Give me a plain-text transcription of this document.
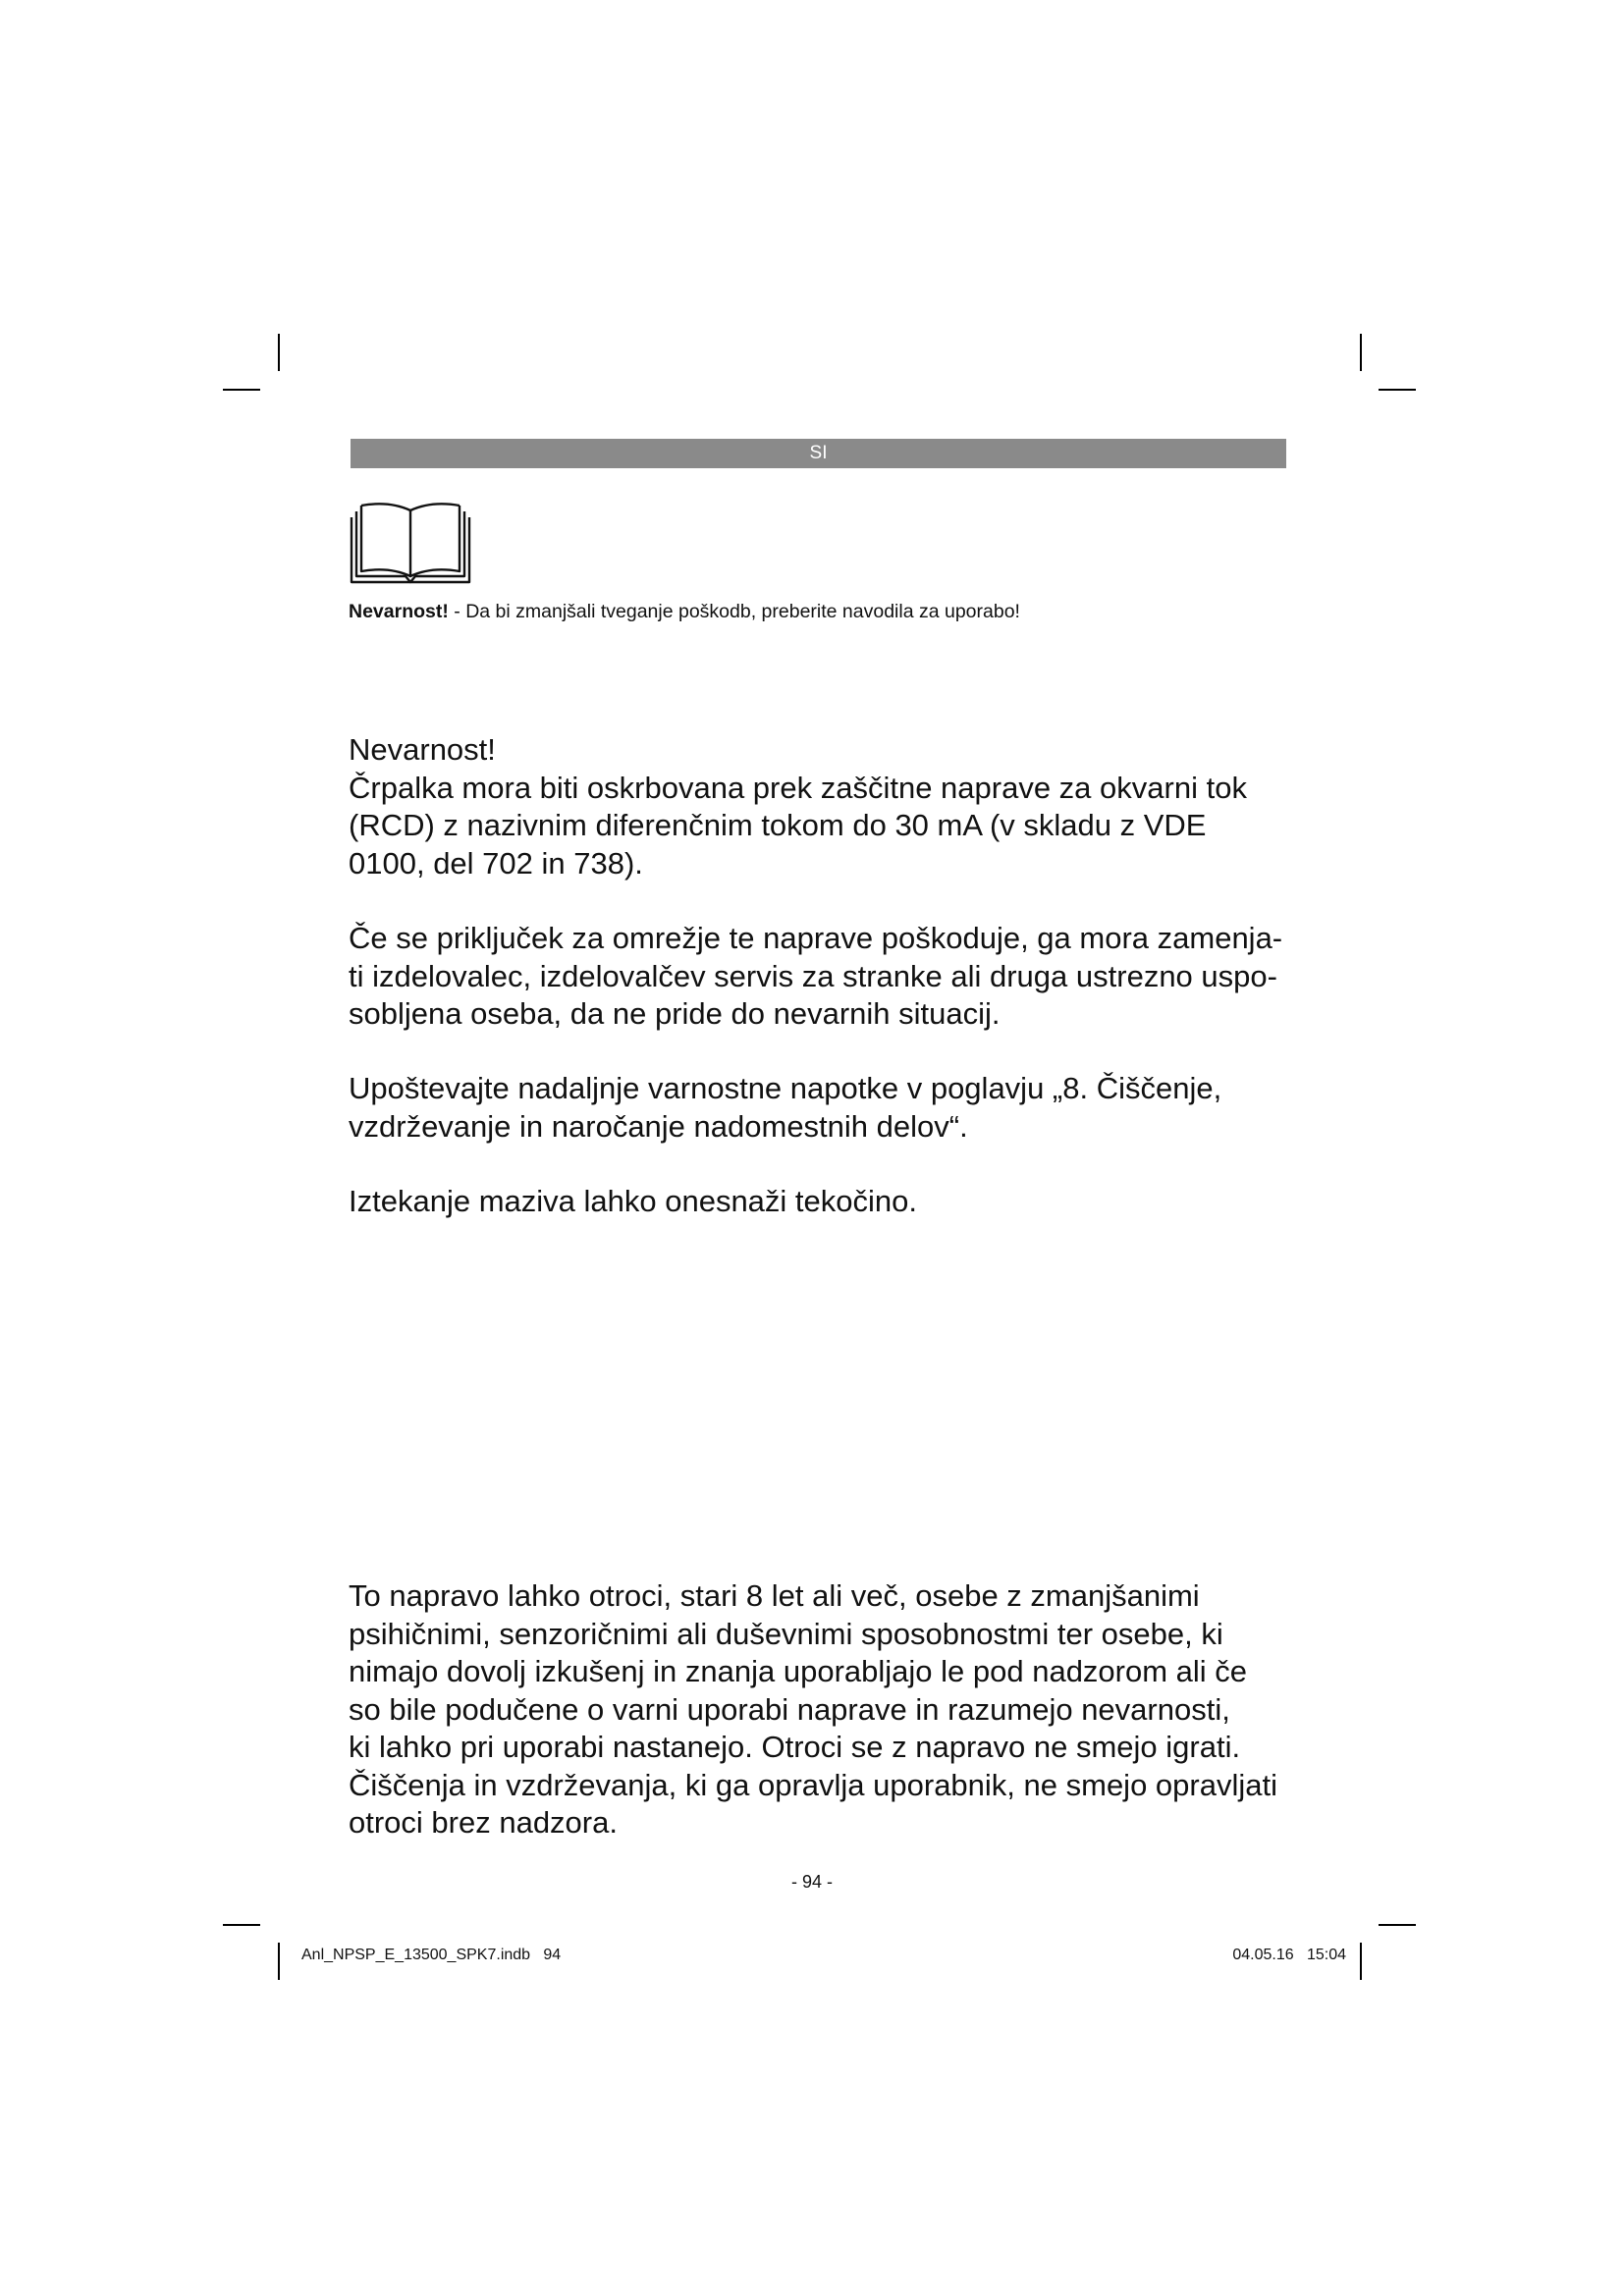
SI
Nevarnost! - Da bi zmanjšali tveganje poškodb, preberite navodila za uporabo!

Nevarnost!

Črpalka mora biti oskrbovana prek zaščitne naprave za okvarni tok

(RCD) z nazivnim diferenčnim tokom do 30 mA (v skladu z VDE

0100, del 702 in 738).

Če se priključek za omrežje te naprave poškoduje, ga mora zamenja-

ti izdelovalec, izdelovalčev servis za stranke ali druga ustrezno uspo-

sobljena oseba, da ne pride do nevarnih situacij.

Upoštevajte nadaljnje varnostne napotke v poglavju „8. Čiščenje,

vzdrževanje in naročanje nadomestnih delov“.

Iztekanje maziva lahko onesnaži tekočino.

To napravo lahko otroci, stari 8 let ali več, osebe z zmanjšanimi

psihičnimi, senzoričnimi ali duševnimi sposobnostmi ter osebe, ki

nimajo dovolj izkušenj in znanja uporabljajo le pod nadzorom ali če

so bile podučene o varni uporabi naprave in razumejo nevarnosti,

ki lahko pri uporabi nastanejo. Otroci se z napravo ne smejo igrati.

Čiščenja in vzdrževanja, ki ga opravlja uporabnik, ne smejo opravljati

otroci brez nadzora.

- 94 -
Anl_NPSP_E_13500_SPK7.indb   94	04.05.16   15:04
